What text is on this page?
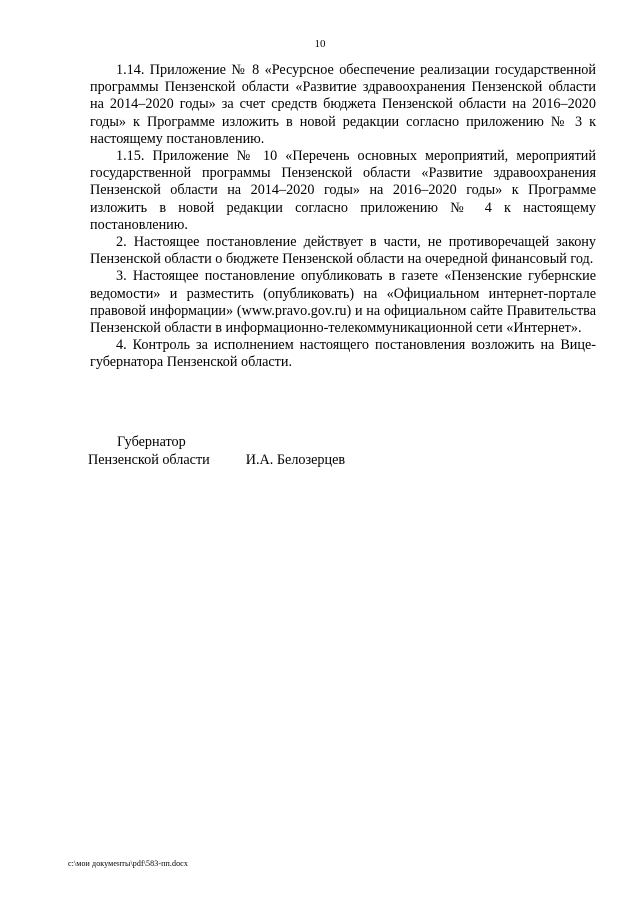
10

1.14. Приложение № 8 «Ресурсное обеспечение реализации государственной программы Пензенской области «Развитие здравоохранения Пензенской области на 2014–2020 годы» за счет средств бюджета Пензенской области на 2016–2020 годы» к Программе изложить в новой редакции согласно приложению № 3 к настоящему постановлению.

1.15. Приложение № 10 «Перечень основных мероприятий, мероприятий государственной программы Пензенской области «Развитие здравоохранения Пензенской области на 2014–2020 годы» на 2016–2020 годы» к Программе изложить в новой редакции согласно приложению № 4 к настоящему постановлению.

2. Настоящее постановление действует в части, не противоречащей закону Пензенской области о бюджете Пензенской области на очередной финансовый год.

3. Настоящее постановление опубликовать в газете «Пензенские губернские ведомости» и разместить (опубликовать) на «Официальном интернет-портале правовой информации» (www.pravo.gov.ru) и на официальном сайте Правительства Пензенской области в информационно-телекоммуникационной сети «Интернет».

4. Контроль за исполнением настоящего постановления возложить на Вице-губернатора Пензенской области.

Губернатор
Пензенской области	И.А. Белозерцев
c:\мои документы\pdf\583-пп.docx
